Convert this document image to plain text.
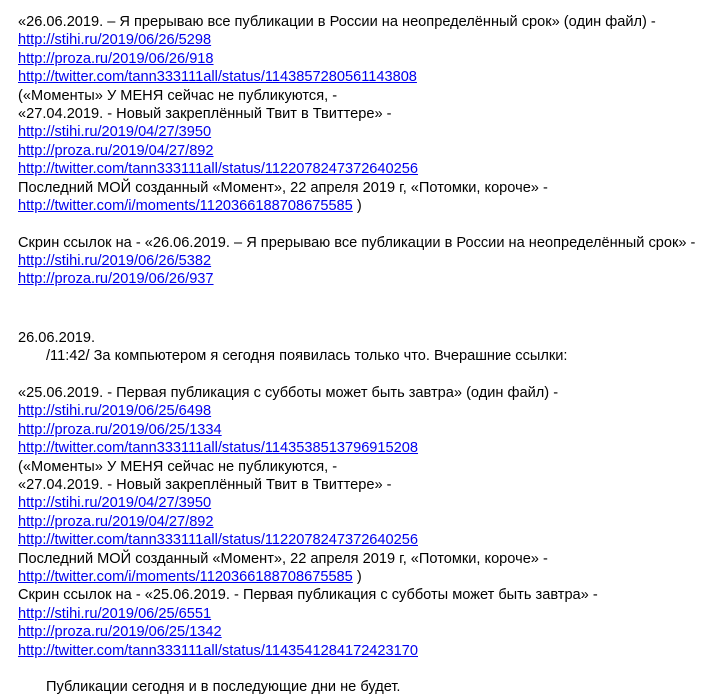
«26.06.2019. – Я прерываю все публикации в России на неопределённый срок» (один файл) -
http://stihi.ru/2019/06/26/5298
http://proza.ru/2019/06/26/918
http://twitter.com/tann333111all/status/1143857280561143808
(«Моменты» У МЕНЯ сейчас не публикуются, -
«27.04.2019. - Новый закреплённый Твит в Твиттере» -
http://stihi.ru/2019/04/27/3950
http://proza.ru/2019/04/27/892
http://twitter.com/tann333111all/status/1122078247372640256
Последний МОЙ созданный «Момент», 22 апреля 2019 г, «Потомки, короче» -
http://twitter.com/i/moments/1120366188708675585 )
Скрин ссылок на - «26.06.2019. – Я прерываю все публикации в России на неопределённый срок» -
http://stihi.ru/2019/06/26/5382
http://proza.ru/2019/06/26/937
26.06.2019.
/11:42/ За компьютером я сегодня появилась только что. Вчерашние ссылки:
«25.06.2019. - Первая публикация с субботы может быть завтра» (один файл) -
http://stihi.ru/2019/06/25/6498
http://proza.ru/2019/06/25/1334
http://twitter.com/tann333111all/status/1143538513796915208
(«Моменты» У МЕНЯ сейчас не публикуются, -
«27.04.2019. - Новый закреплённый Твит в Твиттере» -
http://stihi.ru/2019/04/27/3950
http://proza.ru/2019/04/27/892
http://twitter.com/tann333111all/status/1122078247372640256
Последний МОЙ созданный «Момент», 22 апреля 2019 г, «Потомки, короче» -
http://twitter.com/i/moments/1120366188708675585 )
Скрин ссылок на - «25.06.2019. - Первая публикация с субботы может быть завтра» -
http://stihi.ru/2019/06/25/6551
http://proza.ru/2019/06/25/1342
http://twitter.com/tann333111all/status/1143541284172423170
Публикации сегодня и в последующие дни не будет.
